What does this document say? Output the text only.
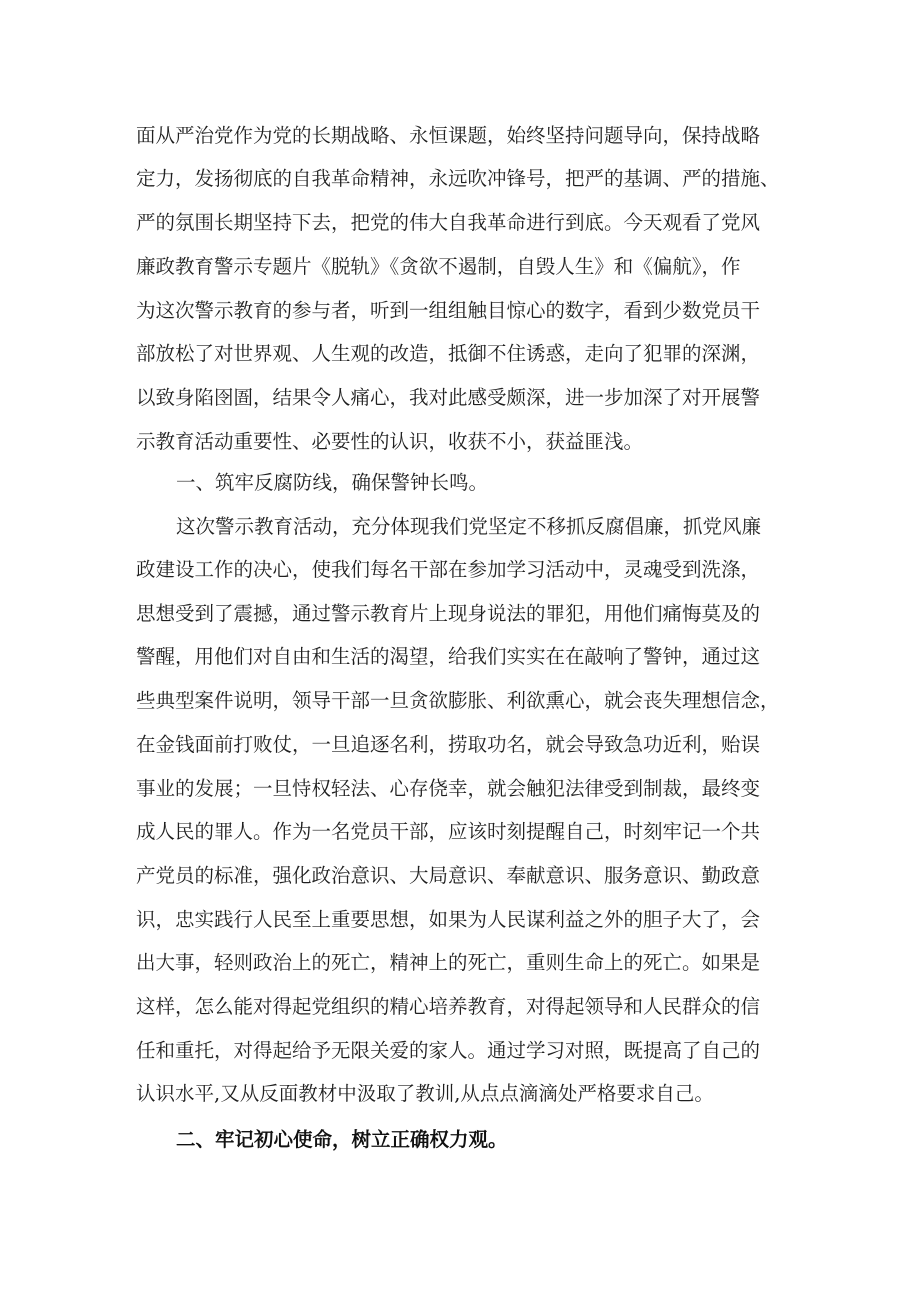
面从严治党作为党的长期战略、永恒课题，始终坚持问题导向，保持战略
定力，发扬彻底的自我革命精神，永远吹冲锋号，把严的基调、严的措施、
严的氛围长期坚持下去，把党的伟大自我革命进行到底。今天观看了党风
廉政教育警示专题片《脱轨》《贪欲不遏制，自毁人生》和《偏航》，作
为这次警示教育的参与者，听到一组组触目惊心的数字，看到少数党员干
部放松了对世界观、人生观的改造，抵御不住诱惑，走向了犯罪的深渊，
以致身陷囹圄，结果令人痛心，我对此感受颇深，进一步加深了对开展警
示教育活动重要性、必要性的认识，收获不小，获益匪浅。
一、筑牢反腐防线，确保警钟长鸣。
这次警示教育活动，充分体现我们党坚定不移抓反腐倡廉，抓党风廉
政建设工作的决心，使我们每名干部在参加学习活动中，灵魂受到洗涤，
思想受到了震撼，通过警示教育片上现身说法的罪犯，用他们痛悔莫及的
警醒，用他们对自由和生活的渴望，给我们实实在在敲响了警钟，通过这
些典型案件说明，领导干部一旦贪欲膨胀、利欲熏心，就会丧失理想信念，
在金钱面前打败仗，一旦追逐名利，捞取功名，就会导致急功近利，贻误
事业的发展；一旦恃权轻法、心存侥幸，就会触犯法律受到制裁，最终变
成人民的罪人。作为一名党员干部，应该时刻提醒自己，时刻牢记一个共
产党员的标准，强化政治意识、大局意识、奉献意识、服务意识、勤政意
识，忠实践行人民至上重要思想，如果为人民谋利益之外的胆子大了，会
出大事，轻则政治上的死亡，精神上的死亡，重则生命上的死亡。如果是
这样，怎么能对得起党组织的精心培养教育，对得起领导和人民群众的信
任和重托，对得起给予无限关爱的家人。通过学习对照，既提高了自己的
认识水平,又从反面教材中汲取了教训,从点点滴滴处严格要求自己。
二、牢记初心使命，树立正确权力观。
